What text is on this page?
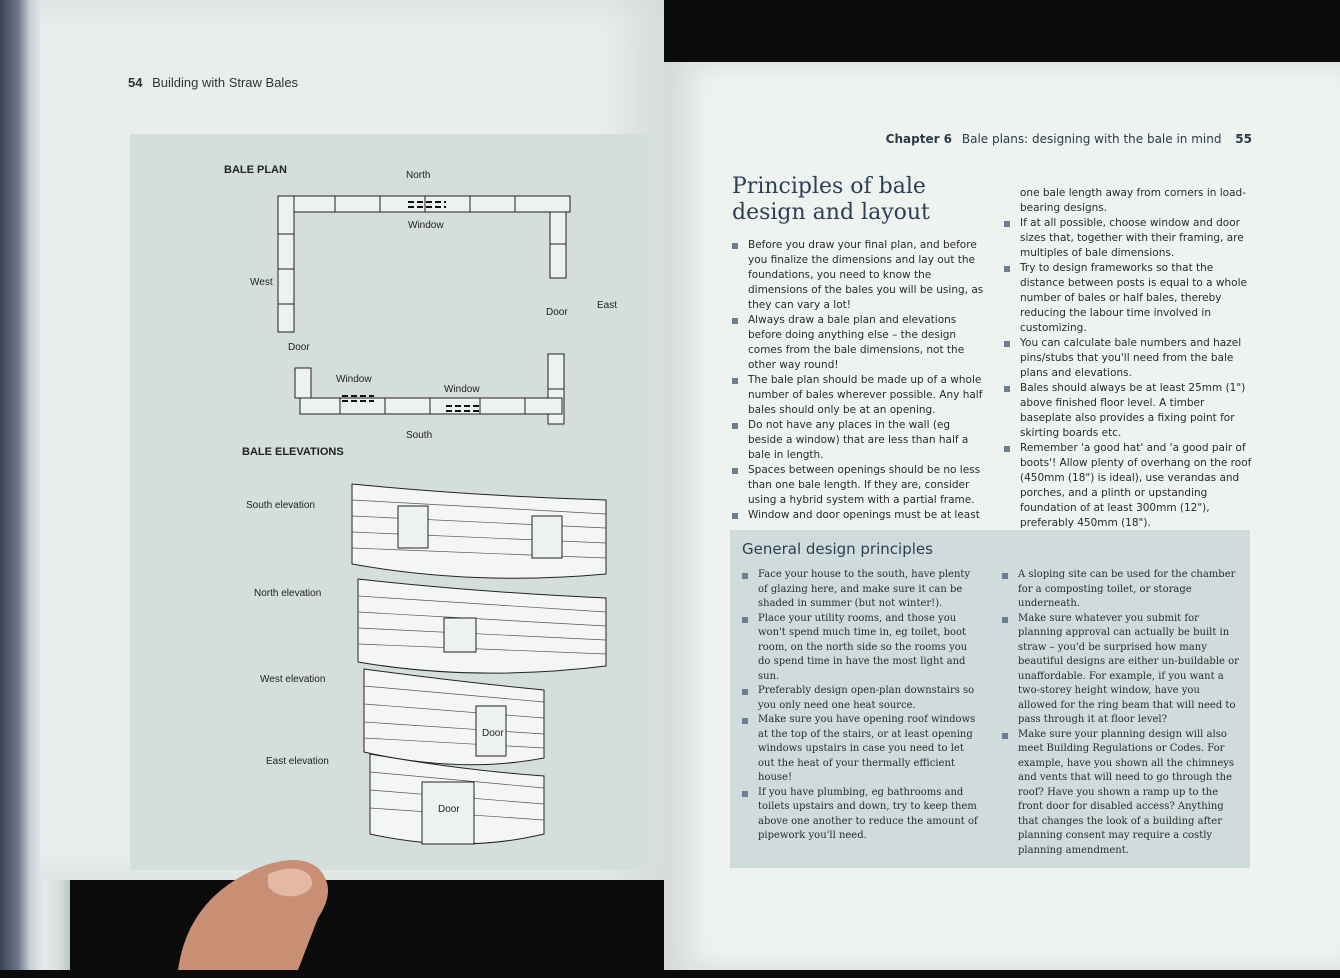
54 Building with Straw Bales
BALE PLAN	North
Window
West
East
Door
Door
Window
Window
South
BALE ELEVATIONS
South elevation
North elevation
West elevation
East elevation
Door
Door
Chapter 6 Bale plans: designing with the bale in mind 55
Principles of bale design and layout
Before you draw your final plan, and before you finalize the dimensions and lay out the foundations, you need to know the dimensions of the bales you will be using, as they can vary a lot!
Always draw a bale plan and elevations before doing anything else – the design comes from the bale dimensions, not the other way round!
The bale plan should be made up of a whole number of bales wherever possible. Any half bales should only be at an opening.
Do not have any places in the wall (eg beside a window) that are less than half a bale in length.
Spaces between openings should be no less than one bale length. If they are, consider using a hybrid system with a partial frame.
Window and door openings must be at least
one bale length away from corners in load-bearing designs.
If at all possible, choose window and door sizes that, together with their framing, are multiples of bale dimensions.
Try to design frameworks so that the distance between posts is equal to a whole number of bales or half bales, thereby reducing the labour time involved in customizing.
You can calculate bale numbers and hazel pins/stubs that you'll need from the bale plans and elevations.
Bales should always be at least 25mm (1") above finished floor level. A timber baseplate also provides a fixing point for skirting boards etc.
Remember 'a good hat' and 'a good pair of boots'! Allow plenty of overhang on the roof (450mm (18") is ideal), use verandas and porches, and a plinth or upstanding foundation of at least 300mm (12"), preferably 450mm (18").
General design principles
Face your house to the south, have plenty of glazing here, and make sure it can be shaded in summer (but not winter!).
Place your utility rooms, and those you won't spend much time in, eg toilet, boot room, on the north side so the rooms you do spend time in have the most light and sun.
Preferably design open-plan downstairs so you only need one heat source.
Make sure you have opening roof windows at the top of the stairs, or at least opening windows upstairs in case you need to let out the heat of your thermally efficient house!
If you have plumbing, eg bathrooms and toilets upstairs and down, try to keep them above one another to reduce the amount of pipework you'll need.
A sloping site can be used for the chamber for a composting toilet, or storage underneath.
Make sure whatever you submit for planning approval can actually be built in straw – you'd be surprised how many beautiful designs are either un-buildable or unaffordable. For example, if you want a two-storey height window, have you allowed for the ring beam that will need to pass through it at floor level?
Make sure your planning design will also meet Building Regulations or Codes. For example, have you shown all the chimneys and vents that will need to go through the roof? Have you shown a ramp up to the front door for disabled access? Anything that changes the look of a building after planning consent may require a costly planning amendment.
